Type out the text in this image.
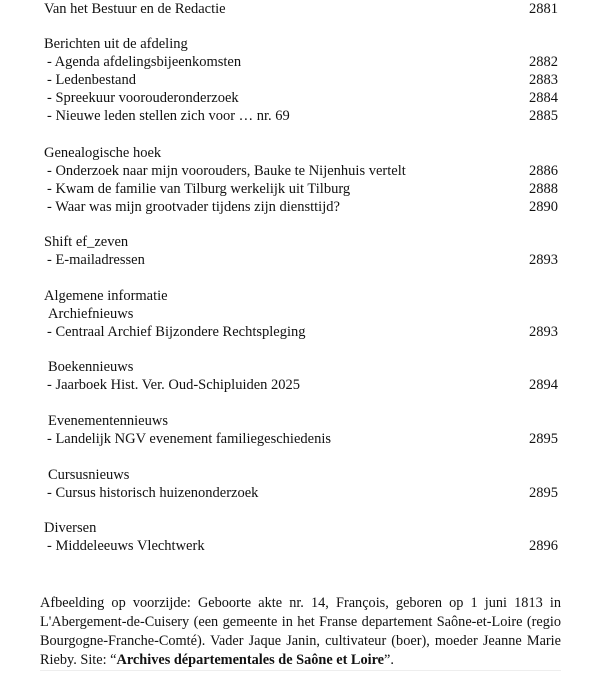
Van het Bestuur en de Redactie	2881
Berichten uit de afdeling
- Agenda afdelingsbijeenkomsten	2882
- Ledenbestand	2883
- Spreekuur voorouderonderzoek	2884
- Nieuwe leden stellen zich voor … nr. 69	2885
Genealogische hoek
- Onderzoek naar mijn voorouders, Bauke te Nijenhuis vertelt	2886
- Kwam de familie van Tilburg werkelijk uit Tilburg	2888
- Waar was mijn grootvader tijdens zijn diensttijd?	2890
Shift ef_zeven
- E-mailadressen	2893
Algemene informatie
Archiefnieuws
- Centraal Archief Bijzondere Rechtspleging	2893
Boekennieuws
- Jaarboek Hist. Ver. Oud-Schipluiden 2025	2894
Evenementennieuws
- Landelijk NGV evenement familiegeschiedenis	2895
Cursusnieuws
- Cursus historisch huizenonderzoek	2895
Diversen
- Middeleeuws Vlechtwerk	2896
Afbeelding op voorzijde: Geboorte akte nr. 14, François, geboren op 1 juni 1813 in L'Abergement-de-Cuisery (een gemeente in het Franse departement Saône-et-Loire (regio Bourgogne-Franche-Comté). Vader Jaque Janin, cultivateur (boer), moeder Jeanne Marie Rieby. Site: “Archives départementales de Saône et Loire”.
